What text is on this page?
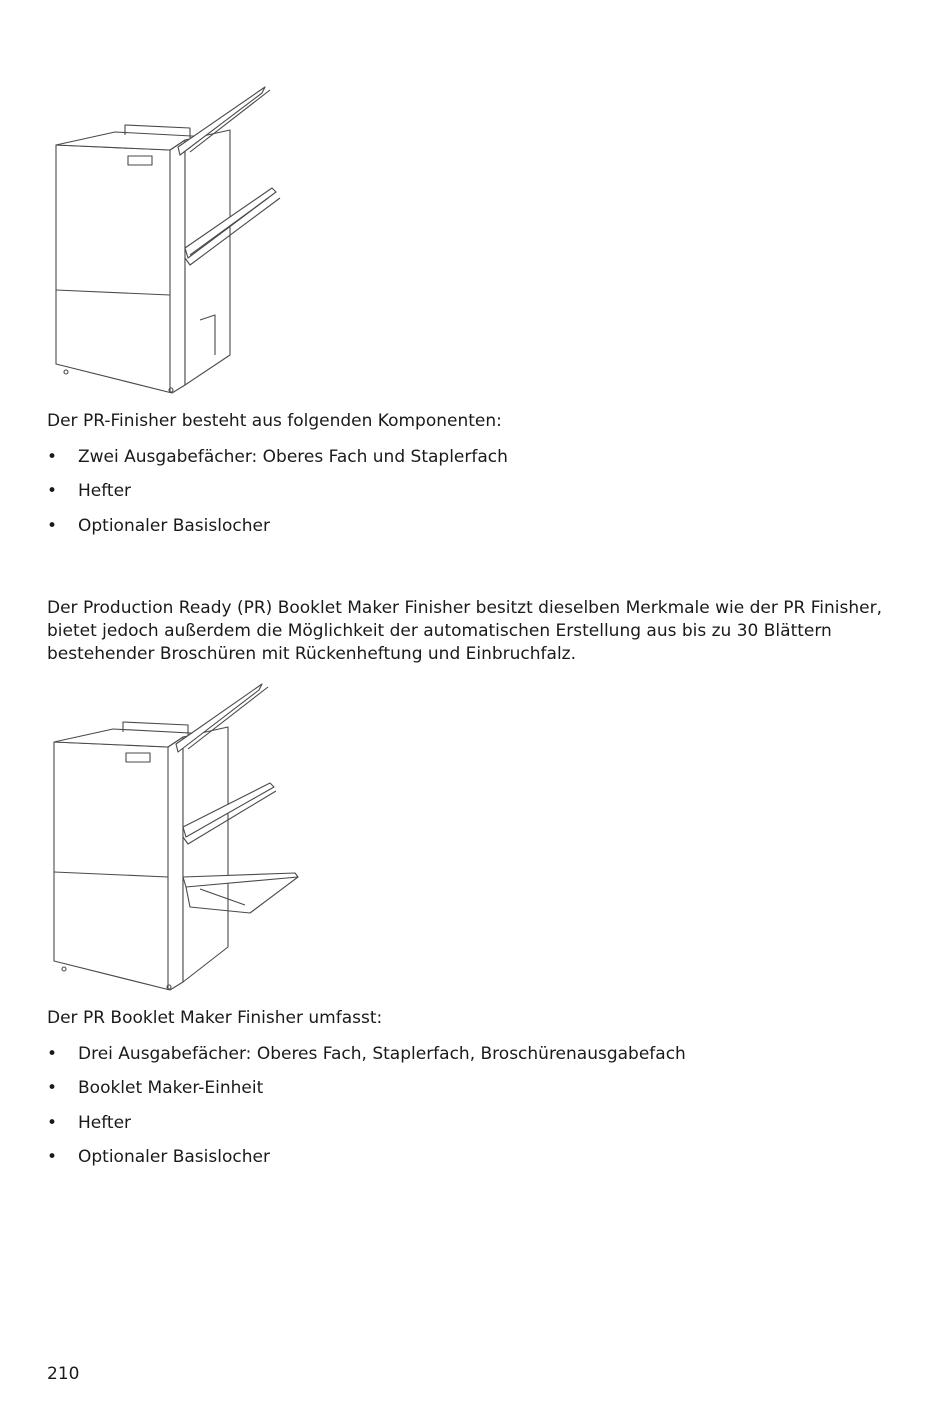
Der PR-Finisher besteht aus folgenden Komponenten:

• Zwei Ausgabefächer: Oberes Fach und Staplerfach
• Hefter
• Optionaler Basislocher

Der Production Ready (PR) Booklet Maker Finisher besitzt dieselben Merkmale wie der PR Finisher, bietet jedoch außerdem die Möglichkeit der automatischen Erstellung aus bis zu 30 Blättern bestehender Broschüren mit Rückenheftung und Einbruchfalz.

Der PR Booklet Maker Finisher umfasst:

• Drei Ausgabefächer: Oberes Fach, Staplerfach, Broschürenausgabefach
• Booklet Maker-Einheit
• Hefter
• Optionaler Basislocher

210
